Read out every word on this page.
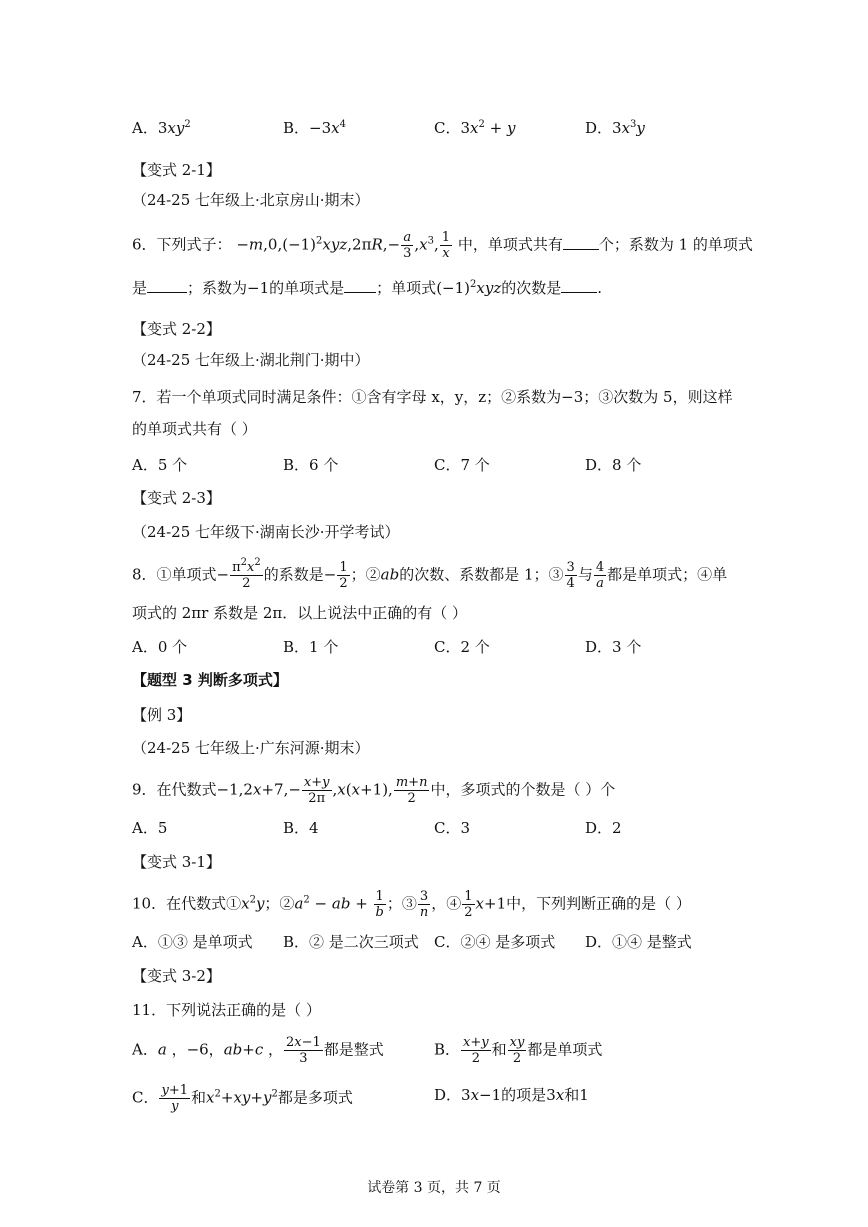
A．$3xy^2$	B．$-3x^4$	C．$3x^2 + y$	D．$3x^3y$
【变式 2-1】
（24-25 七年级上·北京房山·期末）
6．下列式子： $-m,0,(-1)^2xyz,2\pi R,- \frac{a}{3} ,x^3$, $\frac{1}{x}$ 中，单项式共有 个；系数为 1 的单项式
是	；系数为−1的单项式是 ；单项式$(-1)^2xyz$的次数是 .
【变式 2-2】
（24-25 七年级上·湖北荆门·期中）
7．若一个单项式同时满足条件：①含有字母 x，y，z；②系数为−3；③次数为 5，则这样
的单项式共有（ ）
A．5 个	B．6 个	C．7 个	D．8 个
【变式 2-3】
（24-25 七年级下·湖南长沙·开学考试）
8．①单项式− $\frac{\pi^2x^2}{2}$ 的系数是− $\frac{1}{2}$ ；②ab的次数、系数都是 1；③ $\frac{3}{4}$ 与 $\frac{4}{a}$ 都是单项式；④单
项式的 2πr 系数是 2π．以上说法中正确的有（ ）
A．0 个	B．1 个	C．2 个	D．3 个
【题型 3 判断多项式】
【例 3】
（24-25 七年级上·广东河源·期末）
9．在代数式$-1,2x+7,- \frac{x+y}{2\pi} ,x(x+1)$, $\frac{m+n}{2}$ 中，多项式的个数是（ ）个
A．5	B．4	C．3	D．2
【变式 3-1】
10．在代数式$①x^2y$；$②a^2$ − ab + $\frac{1}{b}$ ；③ $\frac{3}{n}$ ，④ $\frac{1}{2} x+1$中，下列判断正确的是（ ）
A．①③ 是单项式 B．② 是二次三项式 C．②④ 是多项式 D．①④ 是整式
【变式 3-2】
11．下列说法正确的是（ ）
A．a ，−6，ab+c ， $\frac{2x-1}{3}$ 都是整式	B． $\frac{x+y}{2}$ 和 $\frac{xy}{2}$ 都是单项式
C． $\frac{y+1}{y}$ 和$x^2+xy+y^2$都是多项式	D．3x−1的项是3x和1
试卷第 3 页，共 7 页
